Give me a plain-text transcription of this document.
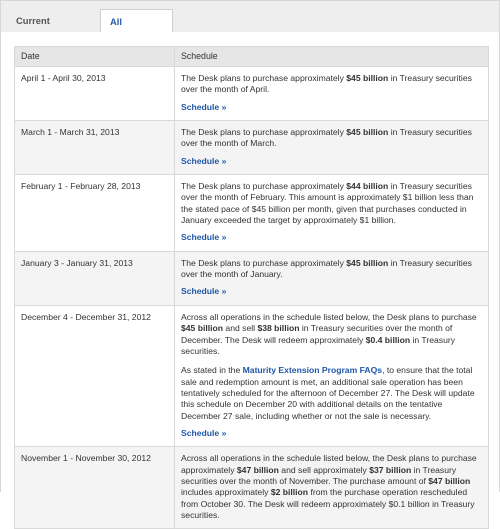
Current	All
Date	Schedule
April 1 - April 30, 2013	The Desk plans to purchase approximately $45 billion in Treasury securities over the month of April.
Schedule »
March 1 - March 31, 2013	The Desk plans to purchase approximately $45 billion in Treasury securities over the month of March.
Schedule »
February 1 - February 28, 2013	The Desk plans to purchase approximately $44 billion in Treasury securities over the month of February. This amount is approximately $1 billion less than the stated pace of $45 billion per month, given that purchases conducted in January exceeded the target by approximately $1 billion.
Schedule »
January 3 - January 31, 2013	The Desk plans to purchase approximately $45 billion in Treasury securities over the month of January.
Schedule »
December 4 - December 31, 2012	Across all operations in the schedule listed below, the Desk plans to purchase $45 billion and sell $38 billion in Treasury securities over the month of December. The Desk will redeem approximately $0.4 billion in Treasury securities.
As stated in the Maturity Extension Program FAQs, to ensure that the total sale and redemption amount is met, an additional sale operation has been tentatively scheduled for the afternoon of December 27. The Desk will update this schedule on December 20 with additional details on the tentative December 27 sale, including whether or not the sale is necessary.
Schedule »
November 1 - November 30, 2012	Across all operations in the schedule listed below, the Desk plans to purchase approximately $47 billion and sell approximately $37 billion in Treasury securities over the month of November. The purchase amount of $47 billion includes approximately $2 billion from the purchase operation rescheduled from October 30. The Desk will redeem approximately $0.1 billion in Treasury securities.
